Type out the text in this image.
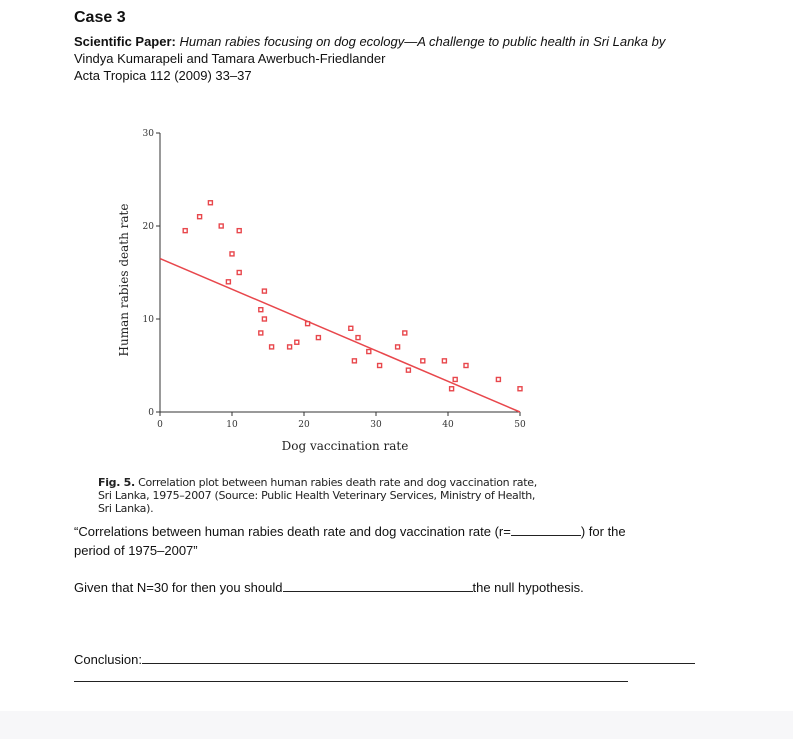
Case 3
Scientific Paper: Human rabies focusing on dog ecology—A challenge to public health in Sri Lanka by
Vindya Kumarapeli and Tamara Awerbuch-Friedlander
Acta Tropica 112 (2009) 33–37
0	10	20	30	40	50
0
10
20
30
Dog vaccination rate
Human rabies death rate
Fig. 5. Correlation plot between human rabies death rate and dog vaccination rate,
Sri Lanka, 1975–2007 (Source: Public Health Veterinary Services, Ministry of Health,
Sri Lanka).
“Correlations between human rabies death rate and dog vaccination rate (r=	) for the
period of 1975–2007”
Given that N=30 for then you should	the null hypothesis.
Conclusion:
